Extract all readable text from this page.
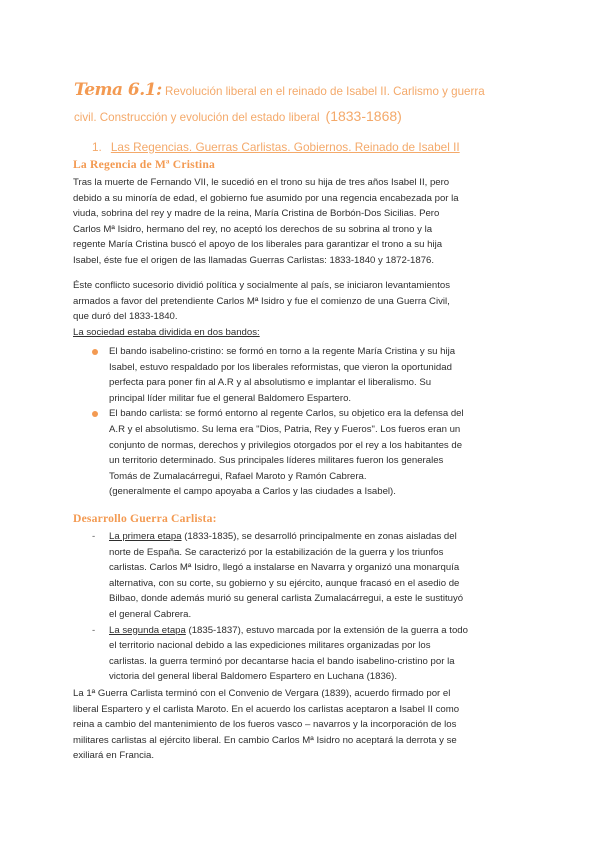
Tema 6.1: Revolución liberal en el reinado de Isabel II. Carlismo y guerra
civil. Construcción y evolución del estado liberal (1833-1868)
1. Las Regencias. Guerras Carlistas. Gobiernos. Reinado de Isabel II
La Regencia de Mª Cristina
Tras la muerte de Fernando VII, le sucedió en el trono su hija de tres años Isabel II, pero
debido a su minoría de edad, el gobierno fue asumido por una regencia encabezada por la
viuda, sobrina del rey y madre de la reina, María Cristina de Borbón-Dos Sicilias. Pero
Carlos Mª Isidro, hermano del rey, no aceptó los derechos de su sobrina al trono y la
regente María Cristina buscó el apoyo de los liberales para garantizar el trono a su hija
Isabel, éste fue el origen de las llamadas Guerras Carlistas: 1833-1840 y 1872-1876.
Éste conflicto sucesorio dividió política y socialmente al país, se iniciaron levantamientos
armados a favor del pretendiente Carlos Mª Isidro y fue el comienzo de una Guerra Civil,
que duró del 1833-1840.
La sociedad estaba dividida en dos bandos:
El bando isabelino-cristino: se formó en torno a la regente María Cristina y su hija
Isabel, estuvo respaldado por los liberales reformistas, que vieron la oportunidad
perfecta para poner fin al A.R y al absolutismo e implantar el liberalismo. Su
principal líder militar fue el general Baldomero Espartero.
El bando carlista: se formó entorno al regente Carlos, su objetico era la defensa del
A.R y el absolutismo. Su lema era "Dios, Patria, Rey y Fueros". Los fueros eran un
conjunto de normas, derechos y privilegios otorgados por el rey a los habitantes de
un territorio determinado. Sus principales líderes militares fueron los generales
Tomás de Zumalacárregui, Rafael Maroto y Ramón Cabrera.
(generalmente el campo apoyaba a Carlos y las ciudades a Isabel).
Desarrollo Guerra Carlista:
- La primera etapa (1833-1835), se desarrolló principalmente en zonas aisladas del
norte de España. Se caracterizó por la estabilización de la guerra y los triunfos
carlistas. Carlos Mª Isidro, llegó a instalarse en Navarra y organizó una monarquía
alternativa, con su corte, su gobierno y su ejército, aunque fracasó en el asedio de
Bilbao, donde además murió su general carlista Zumalacárregui, a este le sustituyó
el general Cabrera.
- La segunda etapa (1835-1837), estuvo marcada por la extensión de la guerra a todo
el territorio nacional debido a las expediciones militares organizadas por los
carlistas. la guerra terminó por decantarse hacia el bando isabelino-cristino por la
victoria del general liberal Baldomero Espartero en Luchana (1836).
La 1ª Guerra Carlista terminó con el Convenio de Vergara (1839), acuerdo firmado por el
liberal Espartero y el carlista Maroto. En el acuerdo los carlistas aceptaron a Isabel II como
reina a cambio del mantenimiento de los fueros vasco – navarros y la incorporación de los
militares carlistas al ejército liberal. En cambio Carlos Mª Isidro no aceptará la derrota y se
exiliará en Francia.
